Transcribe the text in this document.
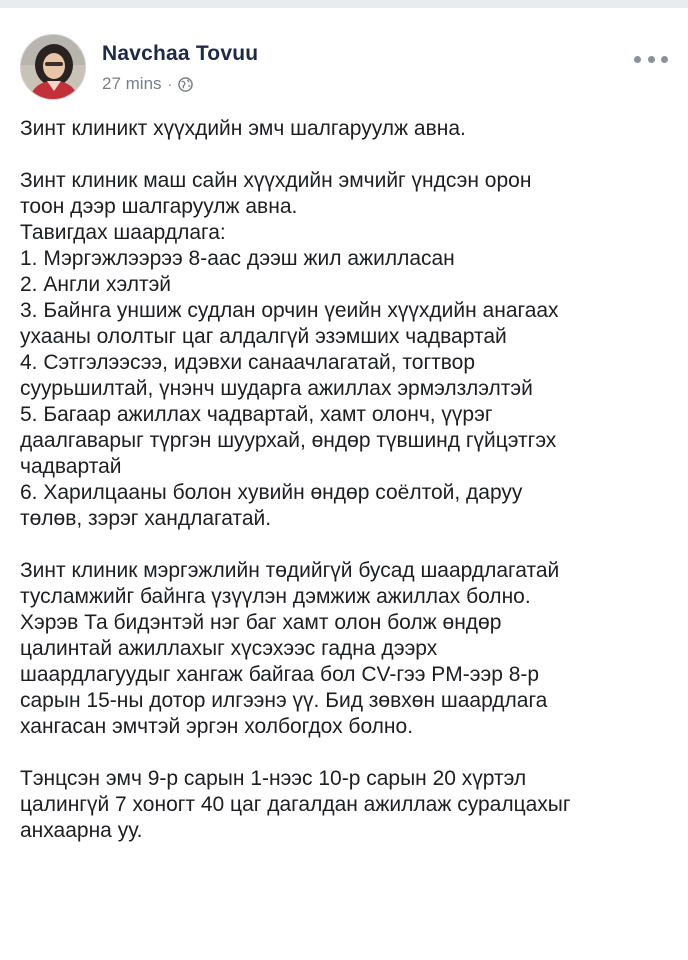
Navchaa Tovuu
27 mins ·
Зинт клиникт хүүхдийн эмч шалгаруулж авна.
Зинт клиник маш сайн хүүхдийн эмчийг үндсэн орон
тоон дээр шалгаруулж авна.
Тавигдах шаардлага:
1. Мэргэжлээрээ 8-аас дээш жил ажилласан
2. Англи хэлтэй
3. Байнга уншиж судлан орчин үеийн хүүхдийн анагаах
ухааны ололтыг цаг алдалгүй эзэмших чадвартай
4. Сэтгэлээсээ, идэвхи санаачлагатай, тогтвор
суурьшилтай, үнэнч шударга ажиллах эрмэлзлэлтэй
5. Багаар ажиллах чадвартай, хамт олонч, үүрэг
даалгаварыг түргэн шуурхай, өндөр түвшинд гүйцэтгэх
чадвартай
6. Харилцааны болон хувийн өндөр соёлтой, даруу
төлөв, зэрэг хандлагатай.
Зинт клиник мэргэжлийн төдийгүй бусад шаардлагатай
тусламжийг байнга үзүүлэн дэмжиж ажиллах болно.
Хэрэв Та бидэнтэй нэг баг хамт олон болж өндөр
цалинтай ажиллахыг хүсэхээс гадна дээрх
шаардлагуудыг хангаж байгаа бол CV-гээ PM-ээр 8-р
сарын 15-ны дотор илгээнэ үү. Бид зөвхөн шаардлага
хангасан эмчтэй эргэн холбогдох болно.
Тэнцсэн эмч 9-р сарын 1-нээс 10-р сарын 20 хүртэл
цалингүй 7 хоногт 40 цаг дагалдан ажиллаж суралцахыг
анхаарна уу.
